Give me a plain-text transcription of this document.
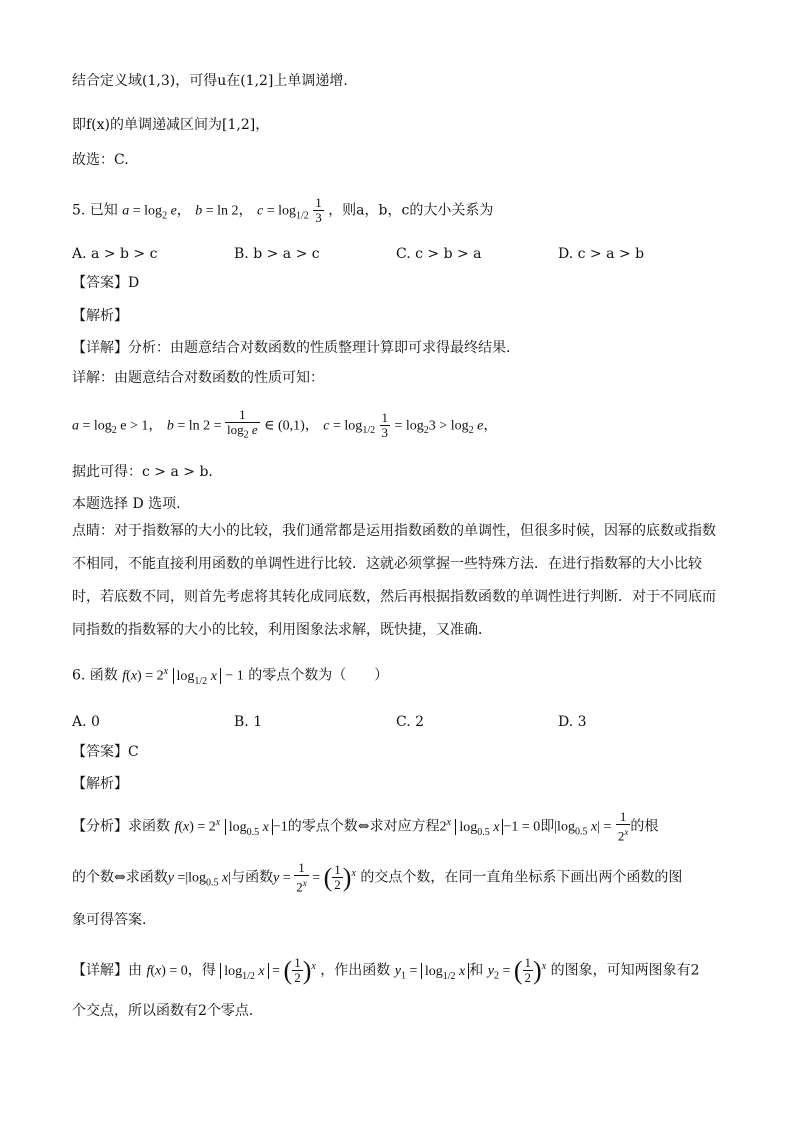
结合定义域(1,3)，可得u在(1,2]上单调递增.
即f(x)的单调递减区间为[1,2]，
故选：C.
5. 已知 $a = \log_2 e$， b = ln 2， $c = \log_{1/2} \frac{1}{3}$ ，则a，b，c的大小关系为
A. a > b > c	B. b > a > c	C. c > b > a	D. c > a > b
【答案】D
【解析】
【详解】分析：由题意结合对数函数的性质整理计算即可求得最终结果.
详解：由题意结合对数函数的性质可知：
$a = \log_2 e > 1$， $b = \ln 2 = \frac{1}{\log_2 e}$ ∈ (0,1)， $c = \log_{1/2} \frac{1}{3} = \log_23 > \log_2 e$，
据此可得：c > a > b.
本题选择 D 选项.
点睛：对于指数幂的大小的比较，我们通常都是运用指数函数的单调性，但很多时候，因幂的底数或指数
不相同，不能直接利用函数的单调性进行比较．这就必须掌握一些特殊方法．在进行指数幂的大小比较
时，若底数不同，则首先考虑将其转化成同底数，然后再根据指数函数的单调性进行判断．对于不同底而
同指数的指数幂的大小的比较，利用图象法求解，既快捷，又准确．
6. 函数 $f(x) = 2^x$ $\log_{1/2} x - 1$ 的零点个数为（　　）
A. 0	B. 1	C. 2	D. 3
【答案】C
【解析】
【分析】求函数 $f(x) = 2^x$ $\log_{0.5} x -1$的零点个数⇔求对应方程2$^x$ $\log_{0.5} x -1 = 0$即$|\log_{0.5}$ $x| = \frac{1}{2^x}$ 的根
的个数⇔求函数$y =|\log_{0.5}$ x|与函数$y = \frac{1}{2^x}$ = ( $\frac{1}{2} )^x$ 的交点个数，在同一直角坐标系下画出两个函数的图
象可得答案.
【详解】由 f(x) = 0，得 $\log_{1/2} x$ = ( $\frac{1}{2} )^x$ ，作出函数 $y_1 = \log_{1/2} x$ 和 $y_2$ = ( $\frac{1}{2} )^x$ 的图象，可知两图象有2
个交点，所以函数有2个零点．
